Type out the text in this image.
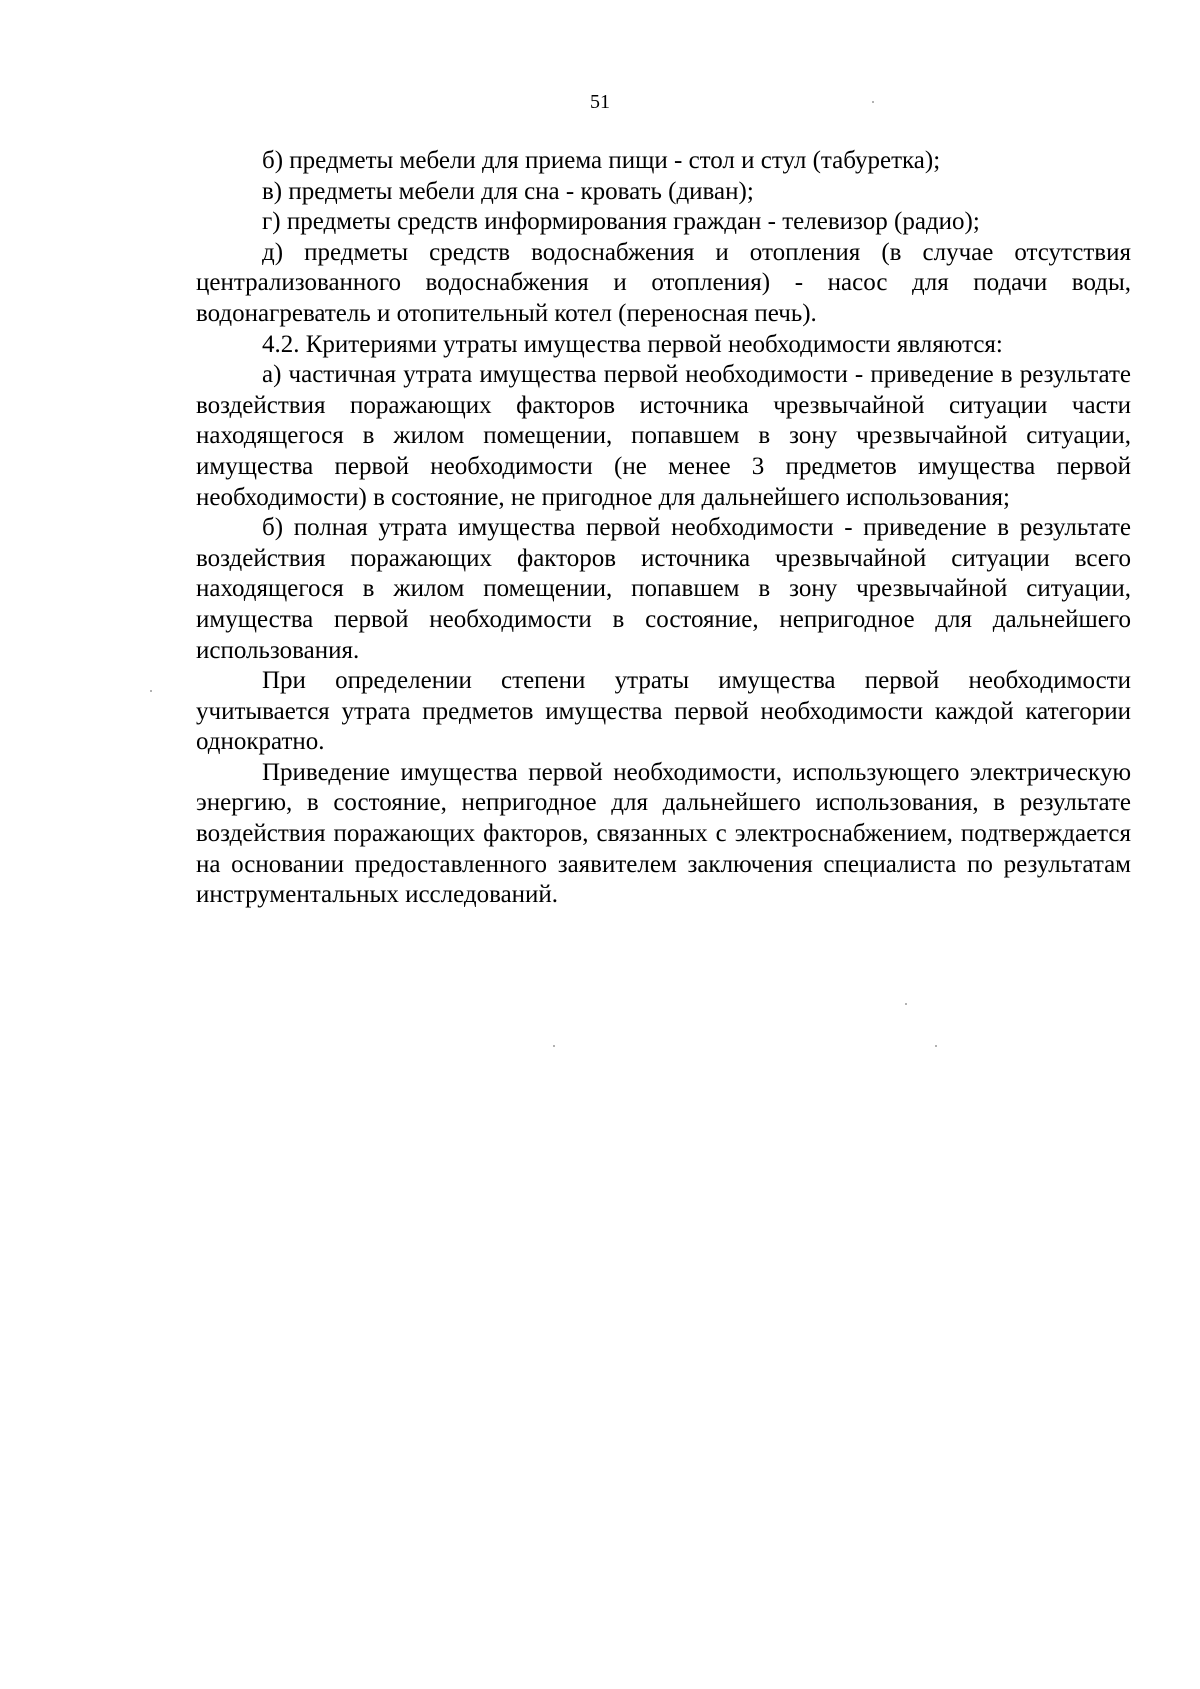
51

б) предметы мебели для приема пищи - стол и стул (табуретка);

в) предметы мебели для сна - кровать (диван);

г) предметы средств информирования граждан - телевизор (радио);

д) предметы средств водоснабжения и отопления (в случае отсутствия централизованного водоснабжения и отопления) - насос для подачи воды, водонагреватель и отопительный котел (переносная печь).

4.2. Критериями утраты имущества первой необходимости являются:

а) частичная утрата имущества первой необходимости - приведение в результате воздействия поражающих факторов источника чрезвычайной ситуации части находящегося в жилом помещении, попавшем в зону чрезвычайной ситуации, имущества первой необходимости (не менее 3 предметов имущества первой необходимости) в состояние, не пригодное для дальнейшего использования;

б) полная утрата имущества первой необходимости - приведение в результате воздействия поражающих факторов источника чрезвычайной ситуации всего находящегося в жилом помещении, попавшем в зону чрезвычайной ситуации, имущества первой необходимости в состояние, непригодное для дальнейшего использования.

При определении степени утраты имущества первой необходимости учитывается утрата предметов имущества первой необходимости каждой категории однократно.

Приведение имущества первой необходимости, использующего электрическую энергию, в состояние, непригодное для дальнейшего использования, в результате воздействия поражающих факторов, связанных с электроснабжением, подтверждается на основании предоставленного заявителем заключения специалиста по результатам инструментальных исследований.
